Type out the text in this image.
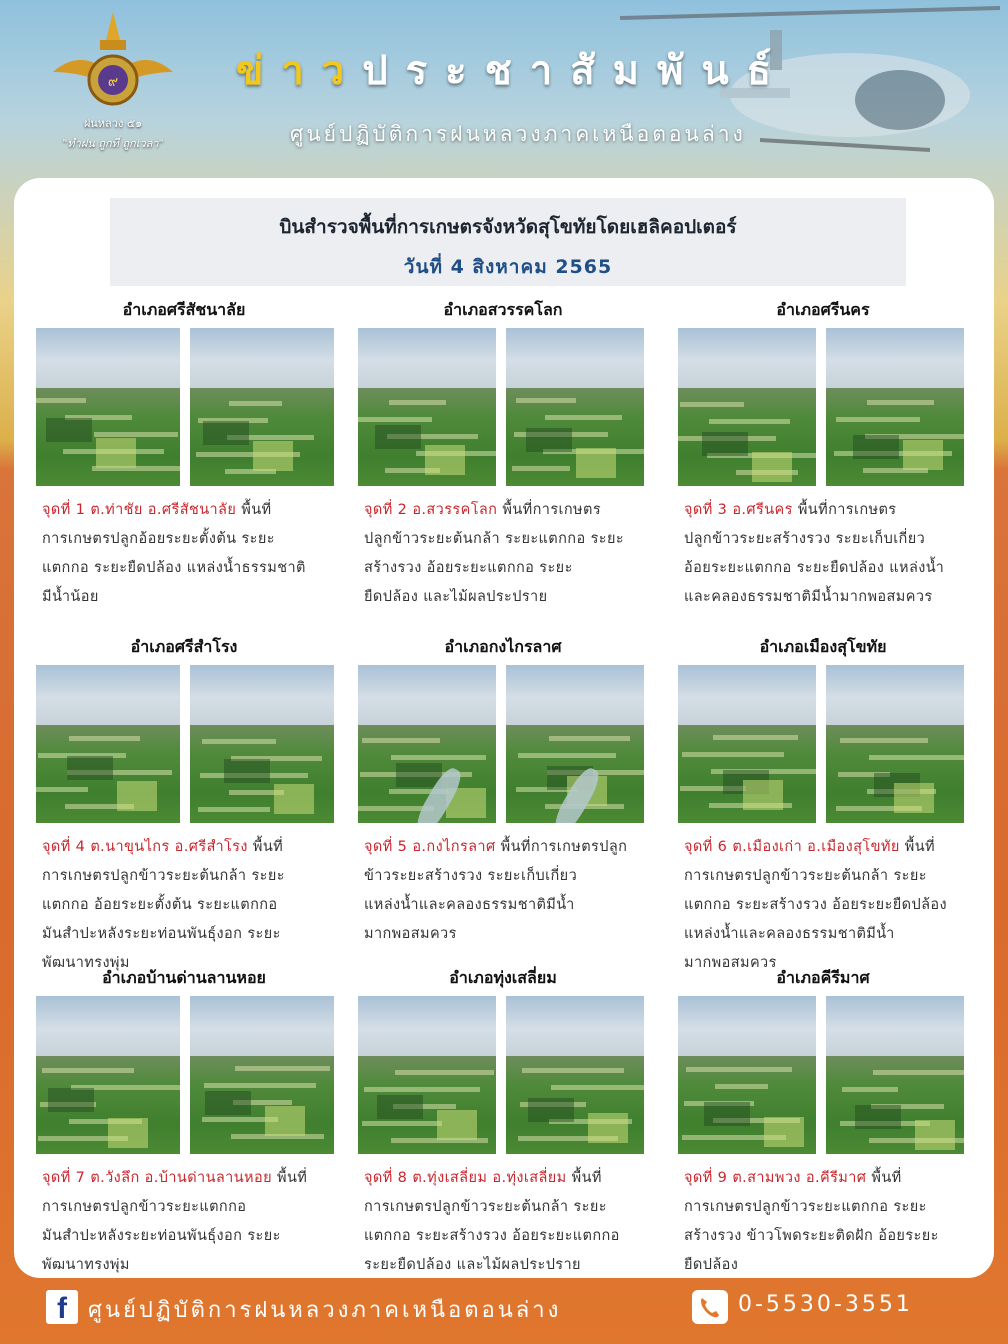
๙
ฝนหลวง ๕๑
"ทำฝน ถูกที่ ถูกเวลา"
ข่าวประชาสัมพันธ์
ศูนย์ปฏิบัติการฝนหลวงภาคเหนือตอนล่าง
บินสำรวจพื้นที่การเกษตรจังหวัดสุโขทัยโดยเฮลิคอปเตอร์
วันที่ 4 สิงหาคม 2565
อำเภอศรีสัชนาลัย
จุดที่ 1 ต.ท่าชัย อ.ศรีสัชนาลัย พื้นที่
การเกษตรปลูกอ้อยระยะตั้งต้น ระยะ
แตกกอ ระยะยืดปล้อง แหล่งน้ำธรรมชาติ
มีน้ำน้อย
อำเภอสวรรคโลก
จุดที่ 2 อ.สวรรคโลก พื้นที่การเกษตร
ปลูกข้าวระยะต้นกล้า ระยะแตกกอ ระยะ
สร้างรวง อ้อยระยะแตกกอ ระยะ
ยืดปล้อง และไม้ผลประปราย
อำเภอศรีนคร
จุดที่ 3 อ.ศรีนคร พื้นที่การเกษตร
ปลูกข้าวระยะสร้างรวง ระยะเก็บเกี่ยว
อ้อยระยะแตกกอ ระยะยืดปล้อง แหล่งน้ำ
และคลองธรรมชาติมีน้ำมากพอสมควร
อำเภอศรีสำโรง
จุดที่ 4 ต.นาขุนไกร อ.ศรีสำโรง พื้นที่
การเกษตรปลูกข้าวระยะต้นกล้า ระยะ
แตกกอ อ้อยระยะตั้งต้น ระยะแตกกอ
มันสำปะหลังระยะท่อนพันธุ์งอก ระยะ
พัฒนาทรงพุ่ม
อำเภอกงไกรลาศ
จุดที่ 5 อ.กงไกรลาศ พื้นที่การเกษตรปลูก
ข้าวระยะสร้างรวง ระยะเก็บเกี่ยว
แหล่งน้ำและคลองธรรมชาติมีน้ำ
มากพอสมควร
อำเภอเมืองสุโขทัย
จุดที่ 6 ต.เมืองเก่า อ.เมืองสุโขทัย พื้นที่
การเกษตรปลูกข้าวระยะต้นกล้า ระยะ
แตกกอ ระยะสร้างรวง อ้อยระยะยืดปล้อง
แหล่งน้ำและคลองธรรมชาติมีน้ำ
มากพอสมควร
อำเภอบ้านด่านลานหอย
จุดที่ 7 ต.วังลึก อ.บ้านด่านลานหอย พื้นที่
การเกษตรปลูกข้าวระยะแตกกอ
มันสำปะหลังระยะท่อนพันธุ์งอก ระยะ
พัฒนาทรงพุ่ม
อำเภอทุ่งเสลี่ยม
จุดที่ 8 ต.ทุ่งเสลี่ยม อ.ทุ่งเสลี่ยม พื้นที่
การเกษตรปลูกข้าวระยะต้นกล้า ระยะ
แตกกอ ระยะสร้างรวง อ้อยระยะแตกกอ
ระยะยืดปล้อง และไม้ผลประปราย
อำเภอคีรีมาศ
จุดที่ 9 ต.สามพวง อ.คีรีมาศ พื้นที่
การเกษตรปลูกข้าวระยะแตกกอ ระยะ
สร้างรวง ข้าวโพดระยะติดฝัก อ้อยระยะ
ยืดปล้อง
f ศูนย์ปฏิบัติการฝนหลวงภาคเหนือตอนล่าง	0-5530-3551
